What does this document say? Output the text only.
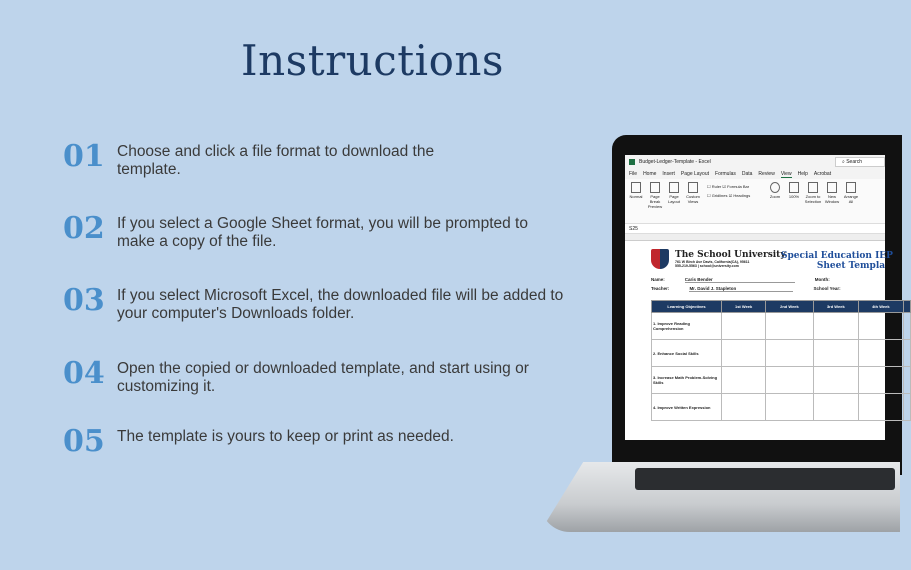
Instructions
01 Choose and click a file format to download the template.
02 If you select a Google Sheet format, you will be prompted to make a copy of the file.
03 If you select Microsoft Excel, the downloaded file will be added to your computer's Downloads folder.
04 Open the copied or downloaded template, and start using or customizing it.
05 The template is yours to keep or print as needed.
Budget-Ledger-Template - Excel	⌕ Search
File Home Insert Page Layout Formulas Data Review View Help Acrobat
Normal	Page Break Preview
Page Layout
Custom Views
☐ Ruler ☑ Formula Bar
☐ Gridlines ☑ Headings	Zoom 100% Zoom to Selection
New Window
Arrange All
S25
The School University
761 W Birch Ave Davis, California(CA), 95611
555-219-5563 | school@university.com
Special Education IEP
Sheet Templa
Name:	Caris Bender	Month:
Teacher:	Mr. David J. Stapleton	School Year:
Learning Objectives	1st Week	2nd Week	3rd Week	4th Week	
1. Improve Reading Comprehension					
2. Enhance Social Skills					
3. Increase Math Problem-Solving Skills					
4. Improve Written Expression					
